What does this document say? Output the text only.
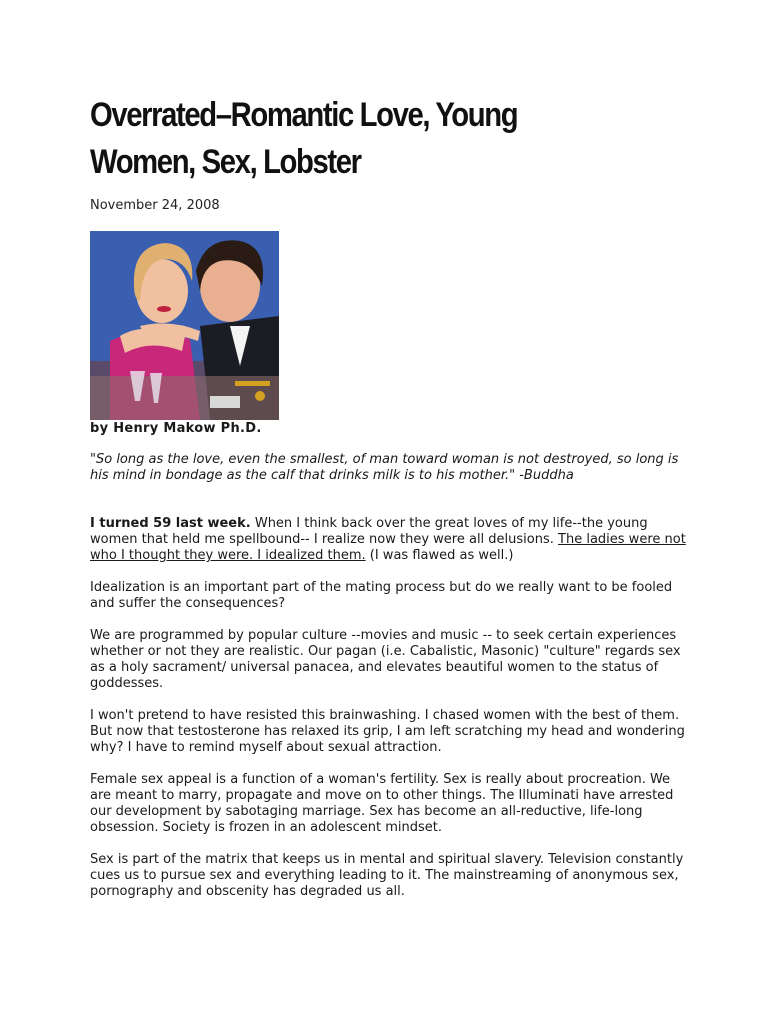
Overrated–Romantic Love, Young
Women, Sex, Lobster
November 24, 2008
by Henry Makow Ph.D.

"So long as the love, even the smallest, of man toward woman is not destroyed, so long is his mind in bondage as the calf that drinks milk is to his mother." -Buddha

I turned 59 last week. When I think back over the great loves of my life--the young women that held me spellbound-- I realize now they were all delusions. The ladies were not who I thought they were. I idealized them. (I was flawed as well.)

Idealization is an important part of the mating process but do we really want to be fooled and suffer the consequences?

We are programmed by popular culture --movies and music -- to seek certain experiences whether or not they are realistic. Our pagan (i.e. Cabalistic, Masonic) "culture" regards sex as a holy sacrament/ universal panacea, and elevates beautiful women to the status of goddesses.

I won't pretend to have resisted this brainwashing. I chased women with the best of them. But now that testosterone has relaxed its grip, I am left scratching my head and wondering why? I have to remind myself about sexual attraction.

Female sex appeal is a function of a woman's fertility. Sex is really about procreation. We are meant to marry, propagate and move on to other things. The Illuminati have arrested our development by sabotaging marriage. Sex has become an all-reductive, life-long obsession. Society is frozen in an adolescent mindset.

Sex is part of the matrix that keeps us in mental and spiritual slavery. Television constantly cues us to pursue sex and everything leading to it. The mainstreaming of anonymous sex, pornography and obscenity has degraded us all.
